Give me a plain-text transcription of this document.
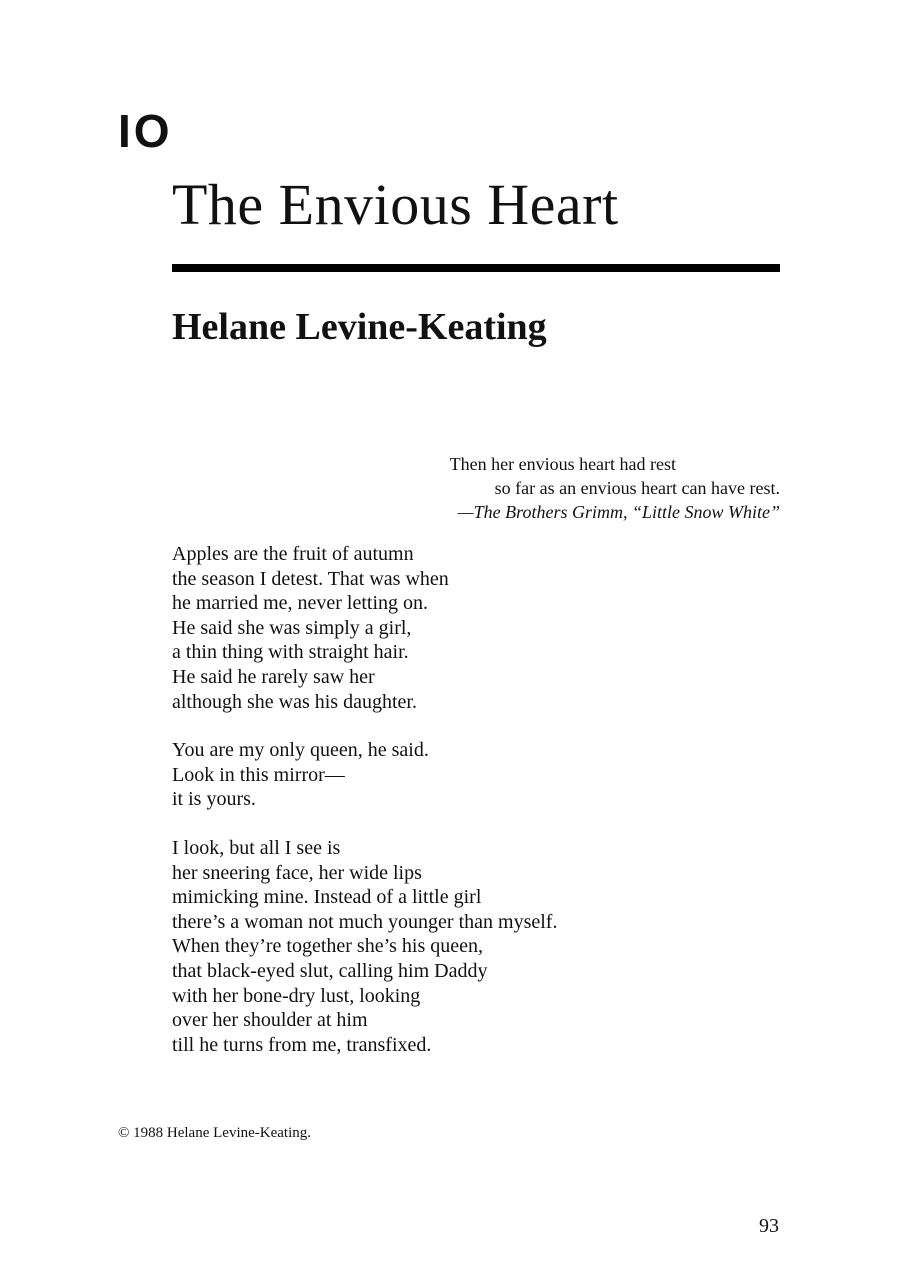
IO
The Envious Heart
Helane Levine-Keating
Then her envious heart had rest
so far as an envious heart can have rest.
—The Brothers Grimm, “Little Snow White”
Apples are the fruit of autumn
the season I detest. That was when
he married me, never letting on.
He said she was simply a girl,
a thin thing with straight hair.
He said he rarely saw her
although she was his daughter.
You are my only queen, he said.
Look in this mirror—
it is yours.
I look, but all I see is
her sneering face, her wide lips
mimicking mine. Instead of a little girl
there’s a woman not much younger than myself.
When they’re together she’s his queen,
that black-eyed slut, calling him Daddy
with her bone-dry lust, looking
over her shoulder at him
till he turns from me, transfixed.
© 1988 Helane Levine-Keating.
93
